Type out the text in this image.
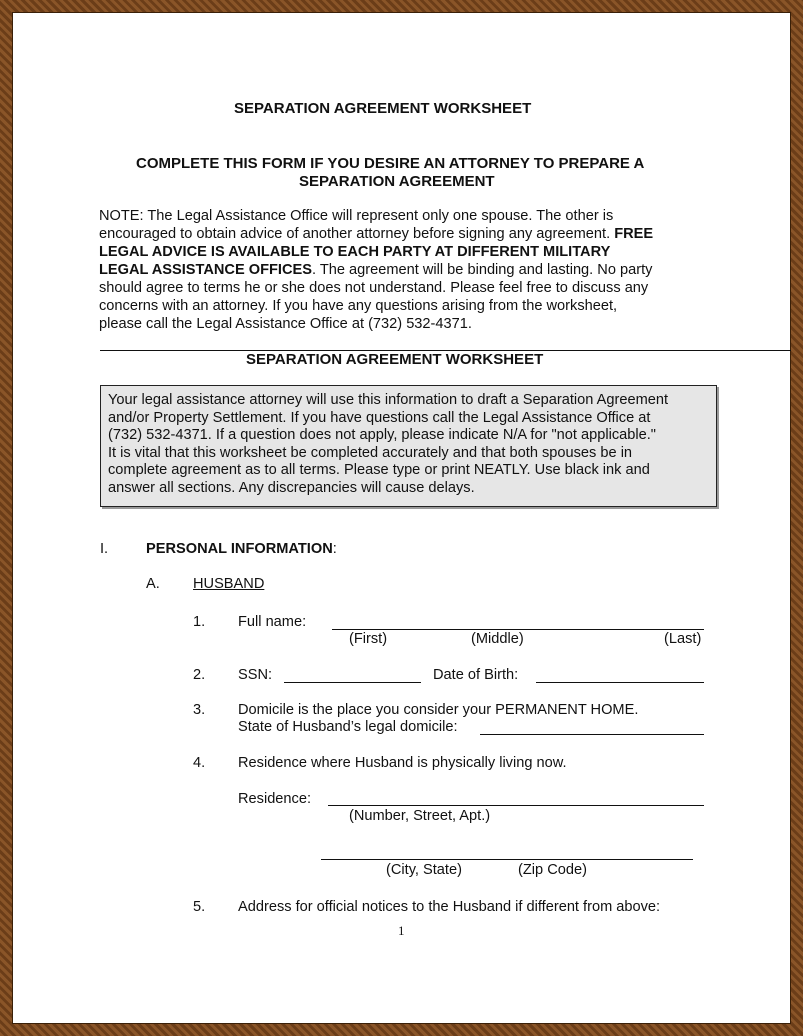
SEPARATION AGREEMENT WORKSHEET
COMPLETE THIS FORM IF YOU DESIRE AN ATTORNEY TO PREPARE A
SEPARATION AGREEMENT
NOTE: The Legal Assistance Office will represent only one spouse. The other is
encouraged to obtain advice of another attorney before signing any agreement. FREE
LEGAL ADVICE IS AVAILABLE TO EACH PARTY AT DIFFERENT MILITARY
LEGAL ASSISTANCE OFFICES. The agreement will be binding and lasting. No party
should agree to terms he or she does not understand. Please feel free to discuss any
concerns with an attorney. If you have any questions arising from the worksheet,
please call the Legal Assistance Office at (732) 532-4371.
SEPARATION AGREEMENT WORKSHEET
Your legal assistance attorney will use this information to draft a Separation Agreement
and/or Property Settlement. If you have questions call the Legal Assistance Office at
(732) 532-4371. If a question does not apply, please indicate N/A for "not applicable."
It is vital that this worksheet be completed accurately and that both spouses be in
complete agreement as to all terms. Please type or print NEATLY. Use black ink and
answer all sections. Any discrepancies will cause delays.
I.	PERSONAL INFORMATION:
A. HUSBAND
1. Full name:
(First)	(Middle)	(Last)
2. SSN:	Date of Birth:
3. Domicile is the place you consider your PERMANENT HOME.
State of Husband’s legal domicile:
4. Residence where Husband is physically living now.
Residence:
(Number, Street, Apt.)
(City, State)	(Zip Code)
5. Address for official notices to the Husband if different from above:
1
